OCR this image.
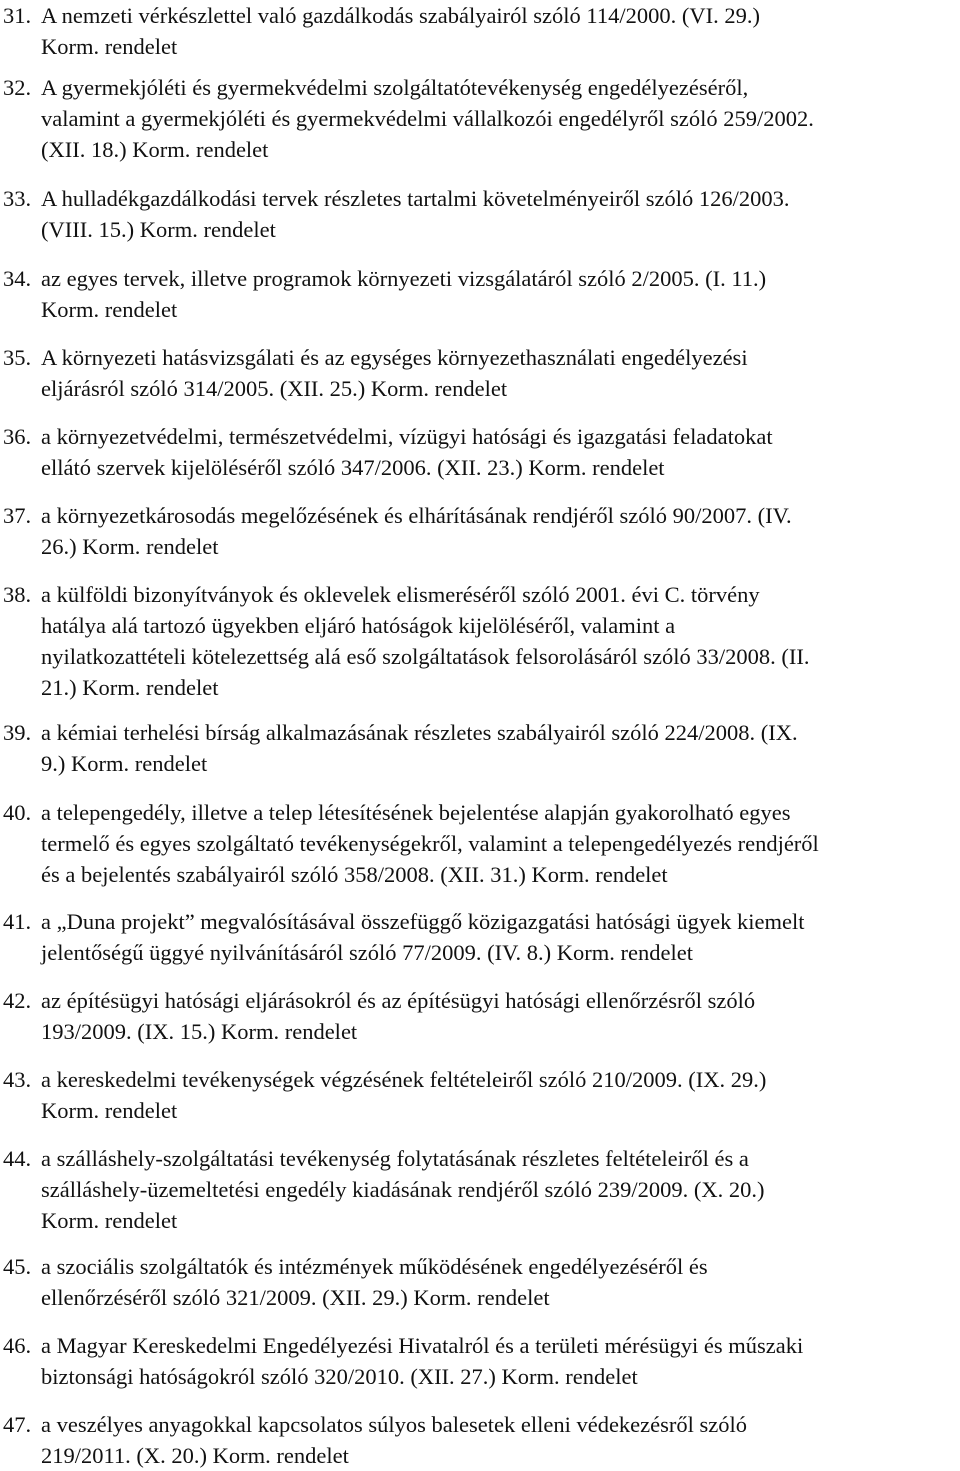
31. A nemzeti vérkészlettel való gazdálkodás szabályairól szóló 114/2000. (VI. 29.)
Korm. rendelet
32. A gyermekjóléti és gyermekvédelmi szolgáltatótevékenység engedélyezéséről,
valamint a gyermekjóléti és gyermekvédelmi vállalkozói engedélyről szóló 259/2002.
(XII. 18.) Korm. rendelet
33. A hulladékgazdálkodási tervek részletes tartalmi követelményeiről szóló 126/2003.
(VIII. 15.) Korm. rendelet
34. az egyes tervek, illetve programok környezeti vizsgálatáról szóló 2/2005. (I. 11.)
Korm. rendelet
35. A környezeti hatásvizsgálati és az egységes környezethasználati engedélyezési
eljárásról szóló 314/2005. (XII. 25.) Korm. rendelet
36. a környezetvédelmi, természetvédelmi, vízügyi hatósági és igazgatási feladatokat
ellátó szervek kijelöléséről szóló 347/2006. (XII. 23.) Korm. rendelet
37. a környezetkárosodás megelőzésének és elhárításának rendjéről szóló 90/2007. (IV.
26.) Korm. rendelet
38. a külföldi bizonyítványok és oklevelek elismeréséről szóló 2001. évi C. törvény
hatálya alá tartozó ügyekben eljáró hatóságok kijelöléséről, valamint a
nyilatkozattételi kötelezettség alá eső szolgáltatások felsorolásáról szóló 33/2008. (II.
21.) Korm. rendelet
39. a kémiai terhelési bírság alkalmazásának részletes szabályairól szóló 224/2008. (IX.
9.) Korm. rendelet
40. a telepengedély, illetve a telep létesítésének bejelentése alapján gyakorolható egyes
termelő és egyes szolgáltató tevékenységekről, valamint a telepengedélyezés rendjéről
és a bejelentés szabályairól szóló 358/2008. (XII. 31.) Korm. rendelet
41. a „Duna projekt” megvalósításával összefüggő közigazgatási hatósági ügyek kiemelt
jelentőségű üggyé nyilvánításáról szóló 77/2009. (IV. 8.) Korm. rendelet
42. az építésügyi hatósági eljárásokról és az építésügyi hatósági ellenőrzésről szóló
193/2009. (IX. 15.) Korm. rendelet
43. a kereskedelmi tevékenységek végzésének feltételeiről szóló 210/2009. (IX. 29.)
Korm. rendelet
44. a szálláshely-szolgáltatási tevékenység folytatásának részletes feltételeiről és a
szálláshely-üzemeltetési engedély kiadásának rendjéről szóló 239/2009. (X. 20.)
Korm. rendelet
45. a szociális szolgáltatók és intézmények működésének engedélyezéséről és
ellenőrzéséről szóló 321/2009. (XII. 29.) Korm. rendelet
46. a Magyar Kereskedelmi Engedélyezési Hivatalról és a területi mérésügyi és műszaki
biztonsági hatóságokról szóló 320/2010. (XII. 27.) Korm. rendelet
47. a veszélyes anyagokkal kapcsolatos súlyos balesetek elleni védekezésről szóló
219/2011. (X. 20.) Korm. rendelet
